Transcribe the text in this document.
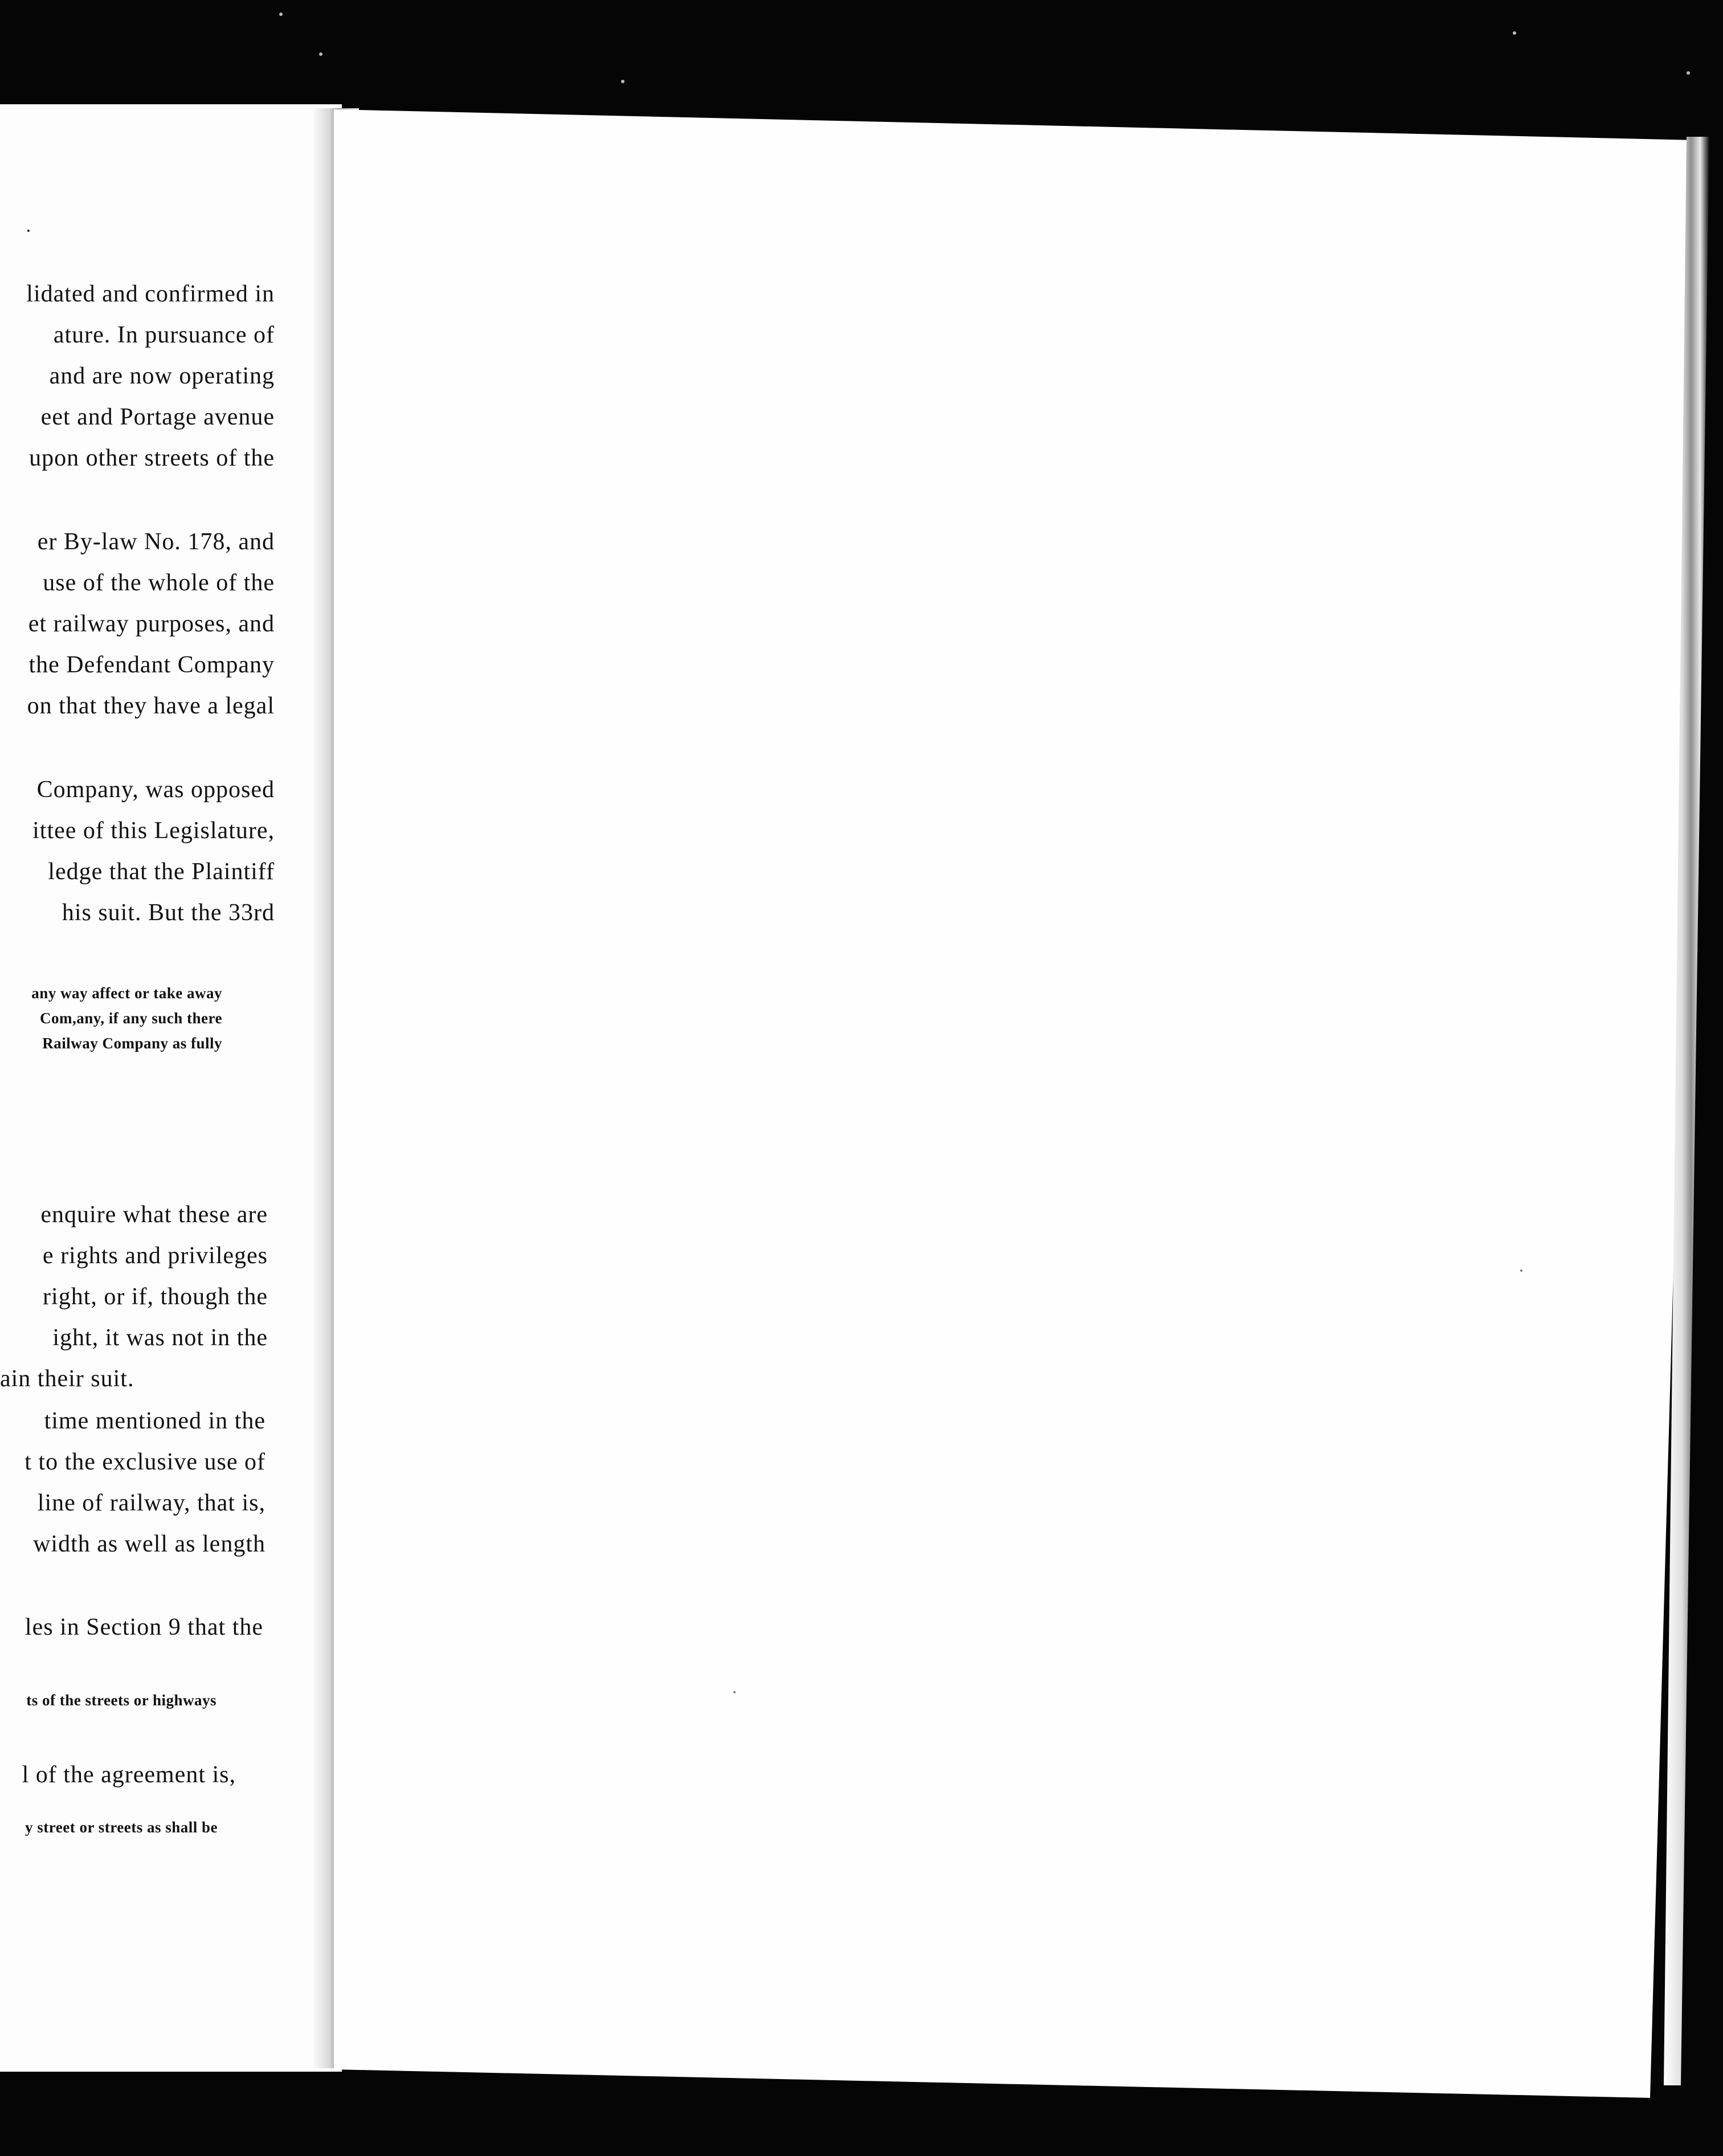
lidated and confirmed in
ature. In pursuance of
and are now operating
eet and Portage avenue
upon other streets of the
er By-law No. 178, and
use of the whole of the
et railway purposes, and
the Defendant Company
on that they have a legal
Company, was opposed
ittee of this Legislature,
ledge that the Plaintiff
his suit. But the 33rd
any way affect or take away
Com,any, if any such there
Railway Company as fully
enquire what these are
e rights and privileges
right, or if, though the
ight, it was not in the
ain their suit.
time mentioned in the
t to the exclusive use of
line of railway, that is,
width as well as length
les in Section 9 that the
ts of the streets or highways
l of the agreement is,
y street or streets as shall be
